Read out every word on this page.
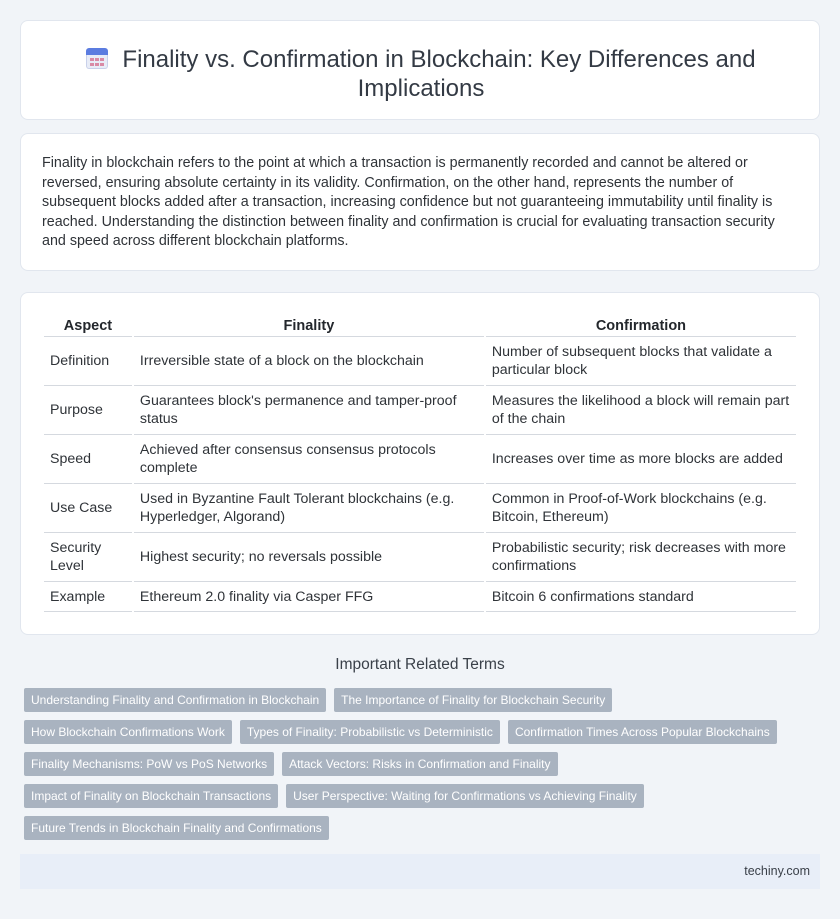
Finality vs. Confirmation in Blockchain: Key Differences and
Implications

Finality in blockchain refers to the point at which a transaction is permanently recorded and cannot be altered or reversed, ensuring absolute certainty in its validity. Confirmation, on the other hand, represents the number of subsequent blocks added after a transaction, increasing confidence but not guaranteeing immutability until finality is reached. Understanding the distinction between finality and confirmation is crucial for evaluating transaction security and speed across different blockchain platforms.

Aspect	Finality	Confirmation
Definition	Irreversible state of a block on the blockchain	Number of subsequent blocks that validate a particular block
Purpose	Guarantees block's permanence and tamper-proof status	Measures the likelihood a block will remain part of the chain
Speed	Achieved after consensus consensus protocols complete	Increases over time as more blocks are added
Use Case	Used in Byzantine Fault Tolerant blockchains (e.g. Hyperledger, Algorand)	Common in Proof-of-Work blockchains (e.g. Bitcoin, Ethereum)
Security Level	Highest security; no reversals possible	Probabilistic security; risk decreases with more confirmations
Example	Ethereum 2.0 finality via Casper FFG	Bitcoin 6 confirmations standard
Important Related Terms
Understanding Finality and Confirmation in Blockchain	The Importance of Finality for Blockchain Security
How Blockchain Confirmations Work	Types of Finality: Probabilistic vs Deterministic	Confirmation Times Across Popular Blockchains
Finality Mechanisms: PoW vs PoS Networks	Attack Vectors: Risks in Confirmation and Finality
Impact of Finality on Blockchain Transactions	User Perspective: Waiting for Confirmations vs Achieving Finality
Future Trends in Blockchain Finality and Confirmations
techiny.com
